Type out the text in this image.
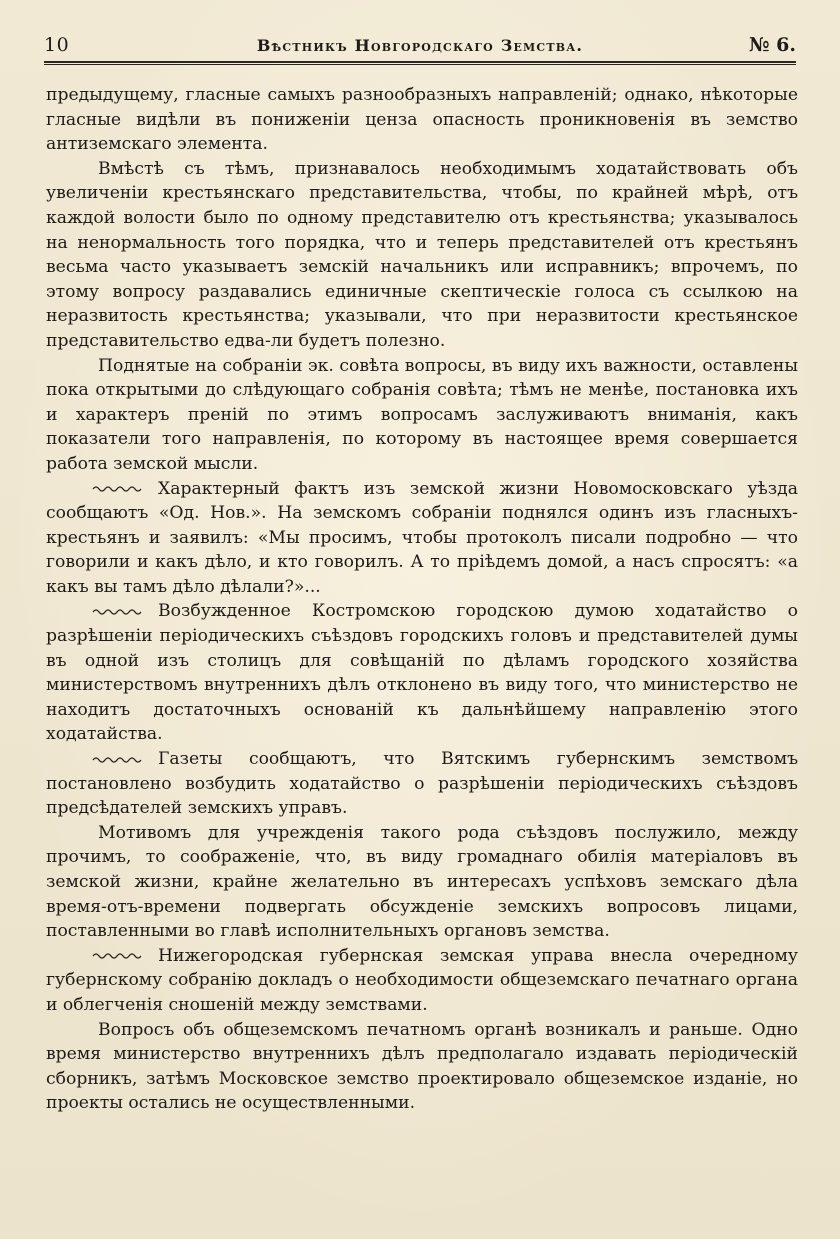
10	Вѣстникъ Новгородскаго Земства.	№ 6.

предыдущему, гласные самыхъ разнообразныхъ направленій; однако, нѣкоторые гласные видѣли въ пониженіи ценза опасность проникновенія въ земство антиземскаго элемента.

Вмѣстѣ съ тѣмъ, признавалось необходимымъ ходатайствовать объ увеличеніи крестьянскаго представительства, чтобы, по крайней мѣрѣ, отъ каждой волости было по одному представителю отъ крестьянства; указывалось на ненормальность того порядка, что и теперь представителей отъ крестьянъ весьма часто указываетъ земскій начальникъ или исправникъ; впрочемъ, по этому вопросу раздавались единичные скептическіе голоса съ ссылкою на неразвитость крестьянства; указывали, что при неразвитости крестьянское представительство едва-ли будетъ полезно.

Поднятые на собраніи эк. совѣта вопросы, въ виду ихъ важности, оставлены пока открытыми до слѣдующаго собранія совѣта; тѣмъ не менѣе, постановка ихъ и характеръ преній по этимъ вопросамъ заслуживаютъ вниманія, какъ показатели того направленія, по которому въ настоящее время совершается работа земской мысли.

Характерный фактъ изъ земской жизни Новомосковскаго уѣзда сообщаютъ «Од. Нов.». На земскомъ собраніи поднялся одинъ изъ гласныхъ-крестьянъ и заявилъ: «Мы просимъ, чтобы протоколъ писали подробно — что говорили и какъ дѣло, и кто говорилъ. А то пріѣдемъ домой, а насъ спросятъ: «а какъ вы тамъ дѣло дѣлали?»...

Возбужденное Костромскою городскою думою ходатайство о разрѣшеніи періодическихъ съѣздовъ городскихъ головъ и представителей думы въ одной изъ столицъ для совѣщаній по дѣламъ городского хозяйства министерствомъ внутреннихъ дѣлъ отклонено въ виду того, что министерство не находитъ достаточныхъ основаній къ дальнѣйшему направленію этого ходатайства.

Газеты сообщаютъ, что Вятскимъ губернскимъ земствомъ постановлено возбудить ходатайство о разрѣшеніи періодическихъ съѣздовъ предсѣдателей земскихъ управъ.

Мотивомъ для учрежденія такого рода съѣздовъ послужило, между прочимъ, то соображеніе, что, въ виду громаднаго обилія матеріаловъ въ земской жизни, крайне желательно въ интересахъ успѣховъ земскаго дѣла время-отъ-времени подвергать обсужденіе земскихъ вопросовъ лицами, поставленными во главѣ исполнительныхъ органовъ земства.

Нижегородская губернская земская управа внесла очередному губернскому собранію докладъ о необходимости общеземскаго печатнаго органа и облегченія сношеній между земствами.

Вопросъ объ общеземскомъ печатномъ органѣ возникалъ и раньше. Одно время министерство внутреннихъ дѣлъ предполагало издавать періодическій сборникъ, затѣмъ Московское земство проектировало общеземское изданіе, но проекты остались не осуществленными.
